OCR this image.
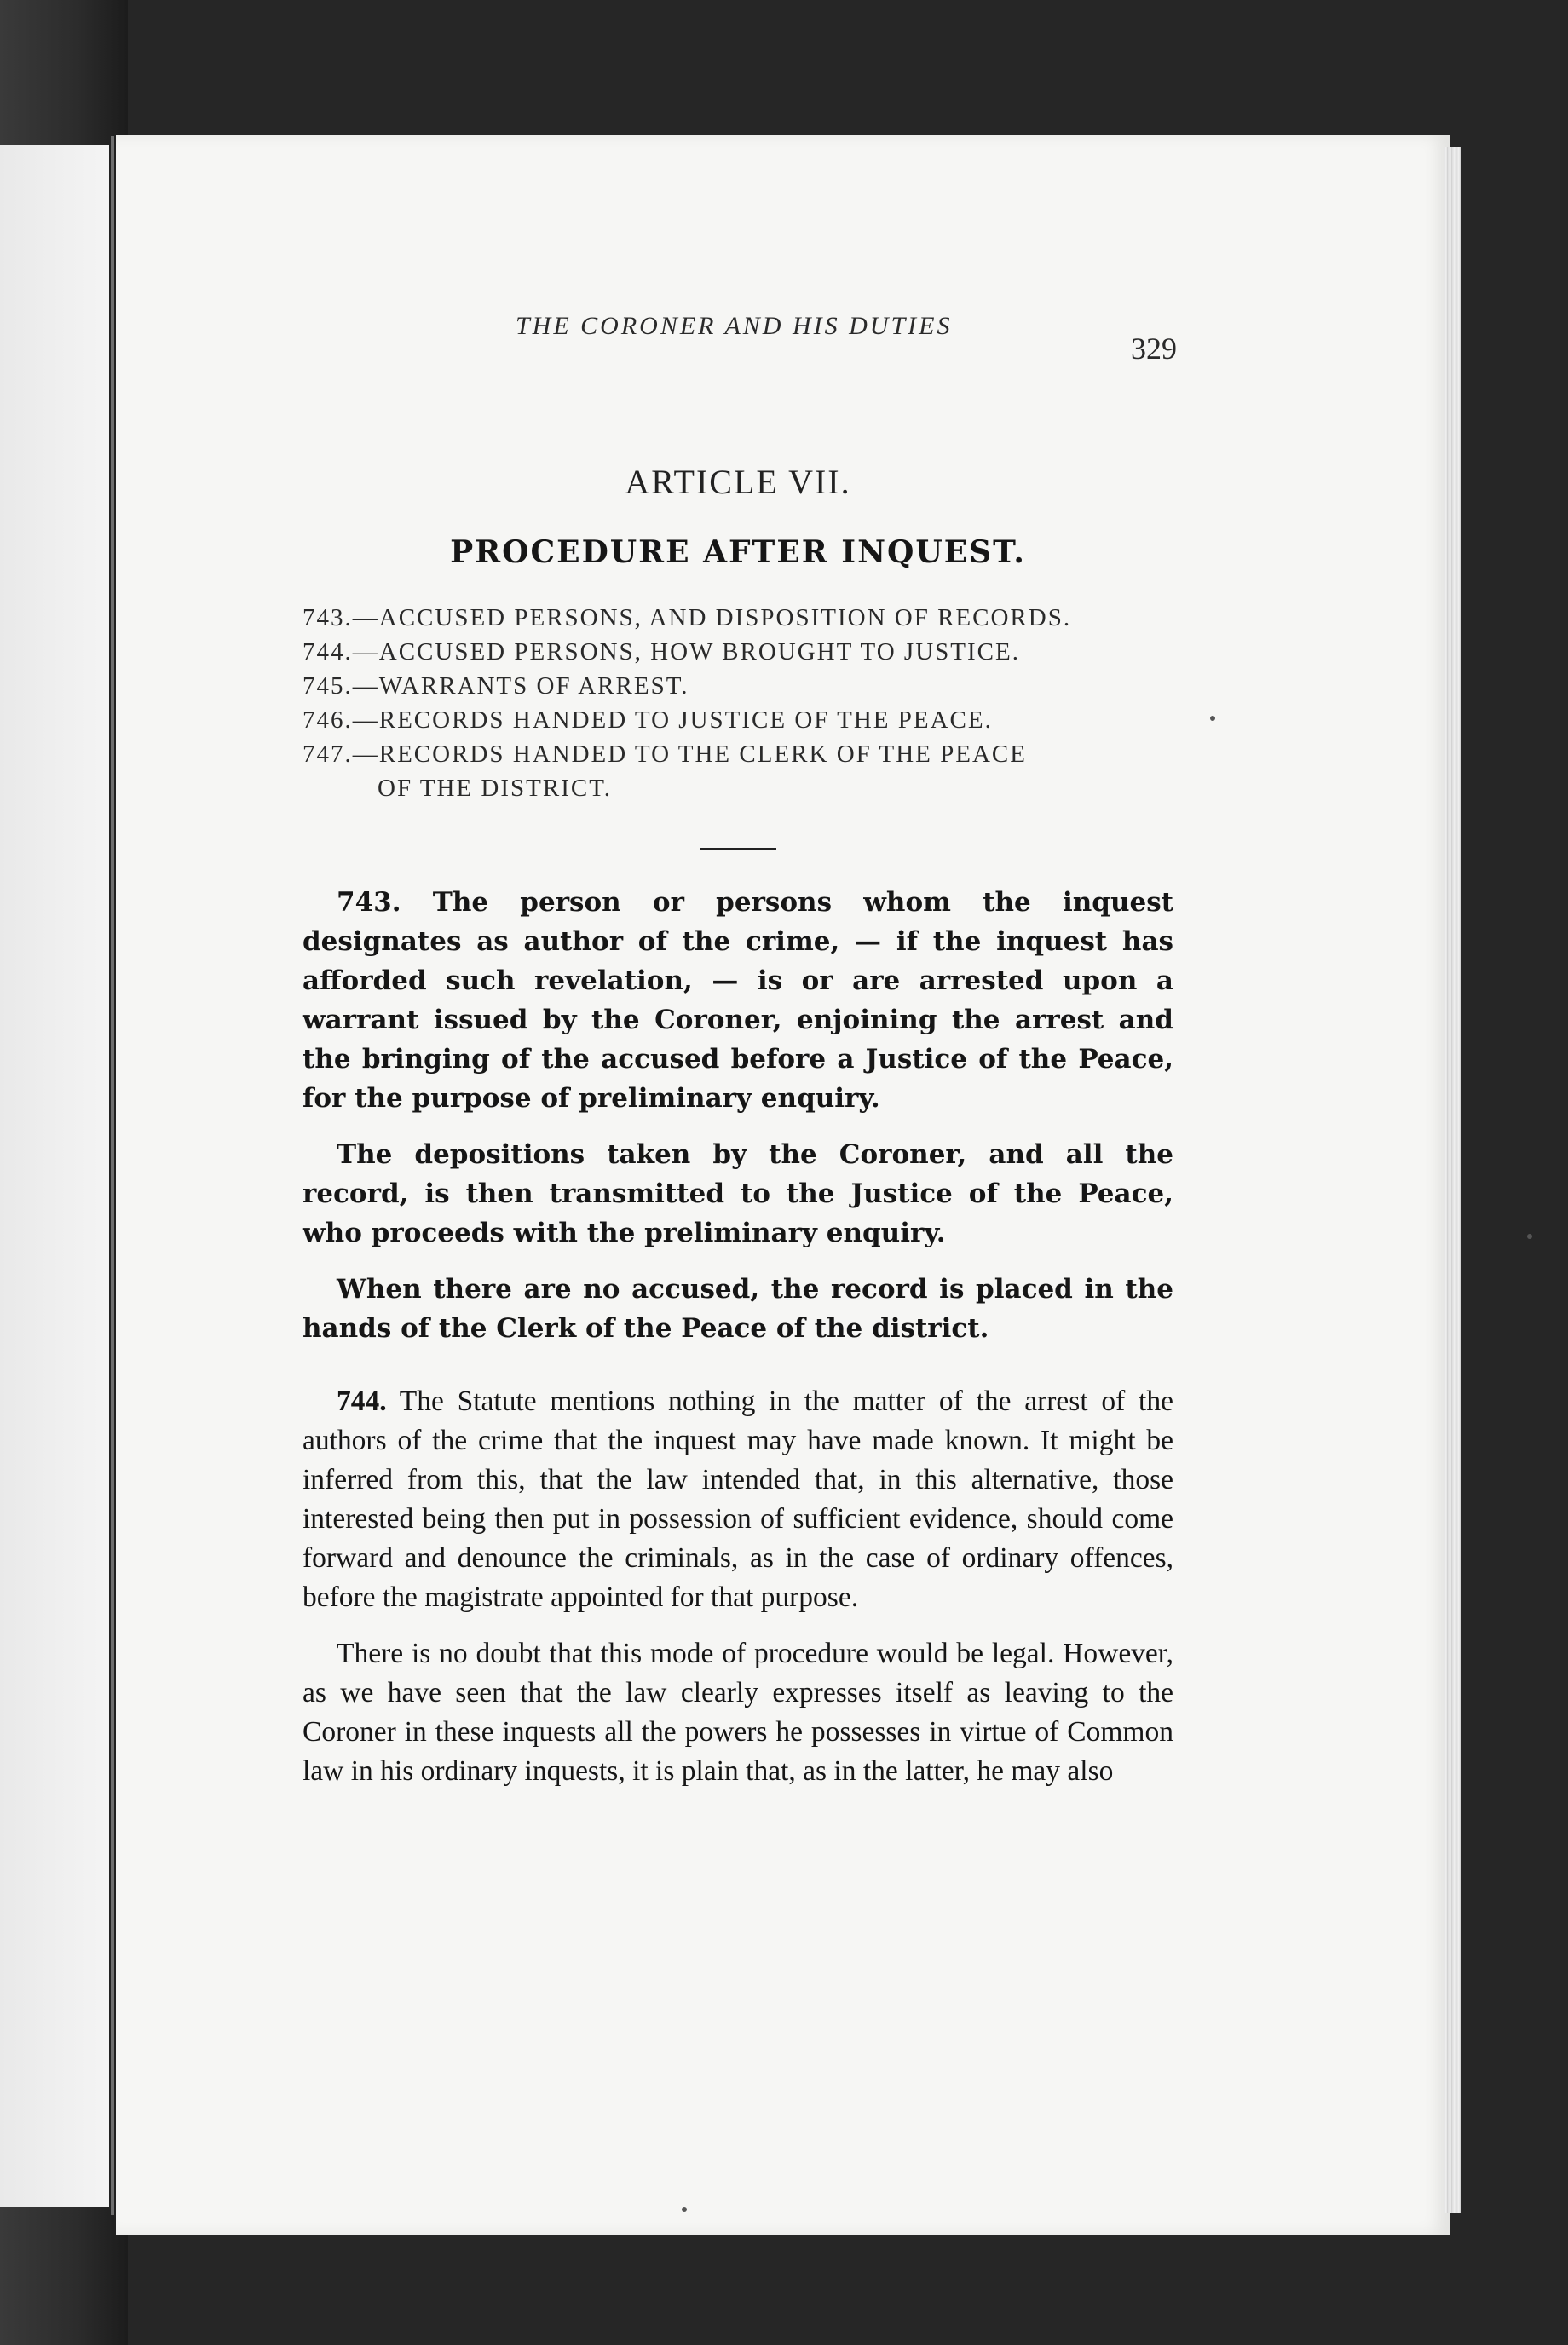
THE CORONER AND HIS DUTIES
329
ARTICLE VII.
PROCEDURE AFTER INQUEST.
743.—ACCUSED PERSONS, AND DISPOSITION OF RECORDS.
744.—ACCUSED PERSONS, HOW BROUGHT TO JUSTICE.
745.—WARRANTS OF ARREST.
746.—RECORDS HANDED TO JUSTICE OF THE PEACE.
747.—RECORDS HANDED TO THE CLERK OF THE PEACE
OF THE DISTRICT.

743. The person or persons whom the inquest designates as author of the crime, — if the inquest has afforded such revelation, — is or are arrested upon a warrant issued by the Coroner, enjoining the arrest and the bringing of the accused before a Justice of the Peace, for the purpose of preliminary enquiry.

The depositions taken by the Coroner, and all the record, is then transmitted to the Justice of the Peace, who proceeds with the preliminary enquiry.

When there are no accused, the record is placed in the hands of the Clerk of the Peace of the district.

744. The Statute mentions nothing in the matter of the arrest of the authors of the crime that the inquest may have made known. It might be inferred from this, that the law intended that, in this alternative, those interested being then put in possession of sufficient evidence, should come forward and denounce the criminals, as in the case of ordinary offences, before the magistrate appointed for that purpose.

There is no doubt that this mode of procedure would be legal. However, as we have seen that the law clearly expresses itself as leaving to the Coroner in these inquests all the powers he possesses in virtue of Common law in his ordinary inquests, it is plain that, as in the latter, he may also
